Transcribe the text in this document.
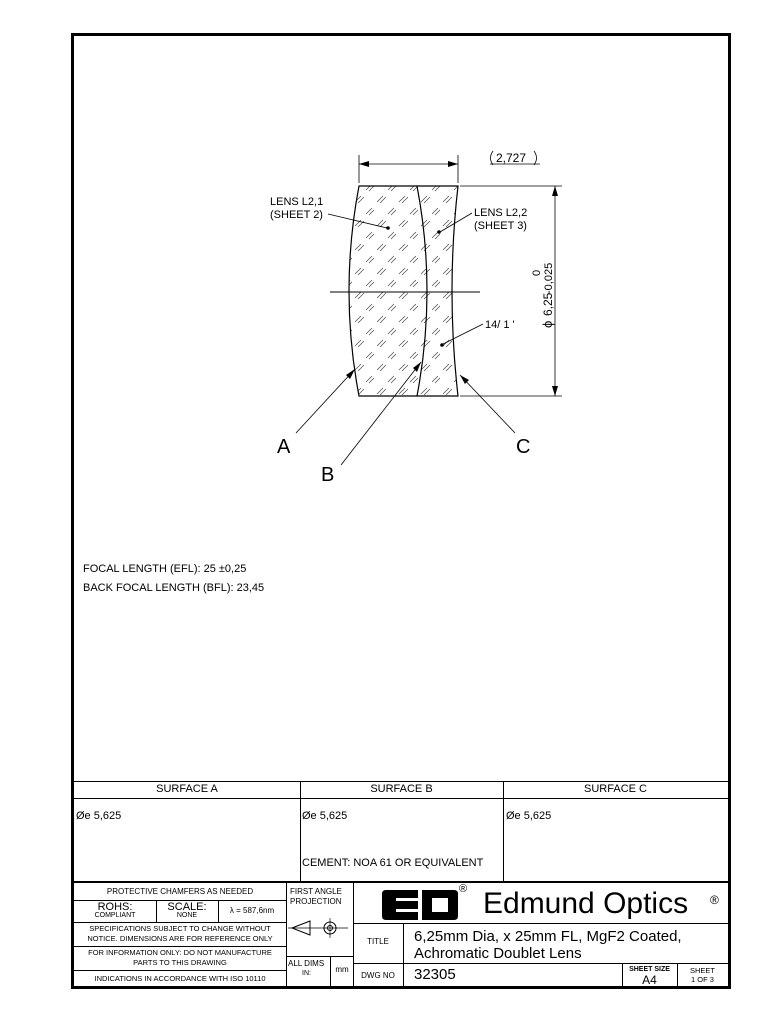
2,727
ϕ
6,25
-0,025
0
LENS L2,1
(SHEET 2)	LENS L2,2
(SHEET 3)
14/ 1 '
A
B
C
FOCAL LENGTH (EFL): 25 ±0,25
BACK FOCAL LENGTH (BFL): 23,45
SURFACE A	SURFACE B	SURFACE C
Øe 5,625	Øe 5,625	Øe 5,625
CEMENT: NOA 61 OR EQUIVALENT
PROTECTIVE CHAMFERS AS NEEDED
ROHS:
COMPLIANT
SCALE:
NONE
λ = 587,6nm
SPECIFICATIONS SUBJECT TO CHANGE WITHOUT
NOTICE. DIMENSIONS ARE FOR REFERENCE ONLY
FOR INFORMATION ONLY: DO NOT MANUFACTURE
PARTS TO THIS DRAWING
INDICATIONS IN ACCORDANCE WITH ISO 10110
FIRST ANGLE
PROJECTION
ALL DIMS
IN:	mm
® Edmund Optics ®
TITLE	6,25mm Dia, x 25mm FL, MgF2 Coated,
Achromatic Doublet Lens
DWG NO	32305	SHEET SIZE
A4
SHEET
1 OF 3
